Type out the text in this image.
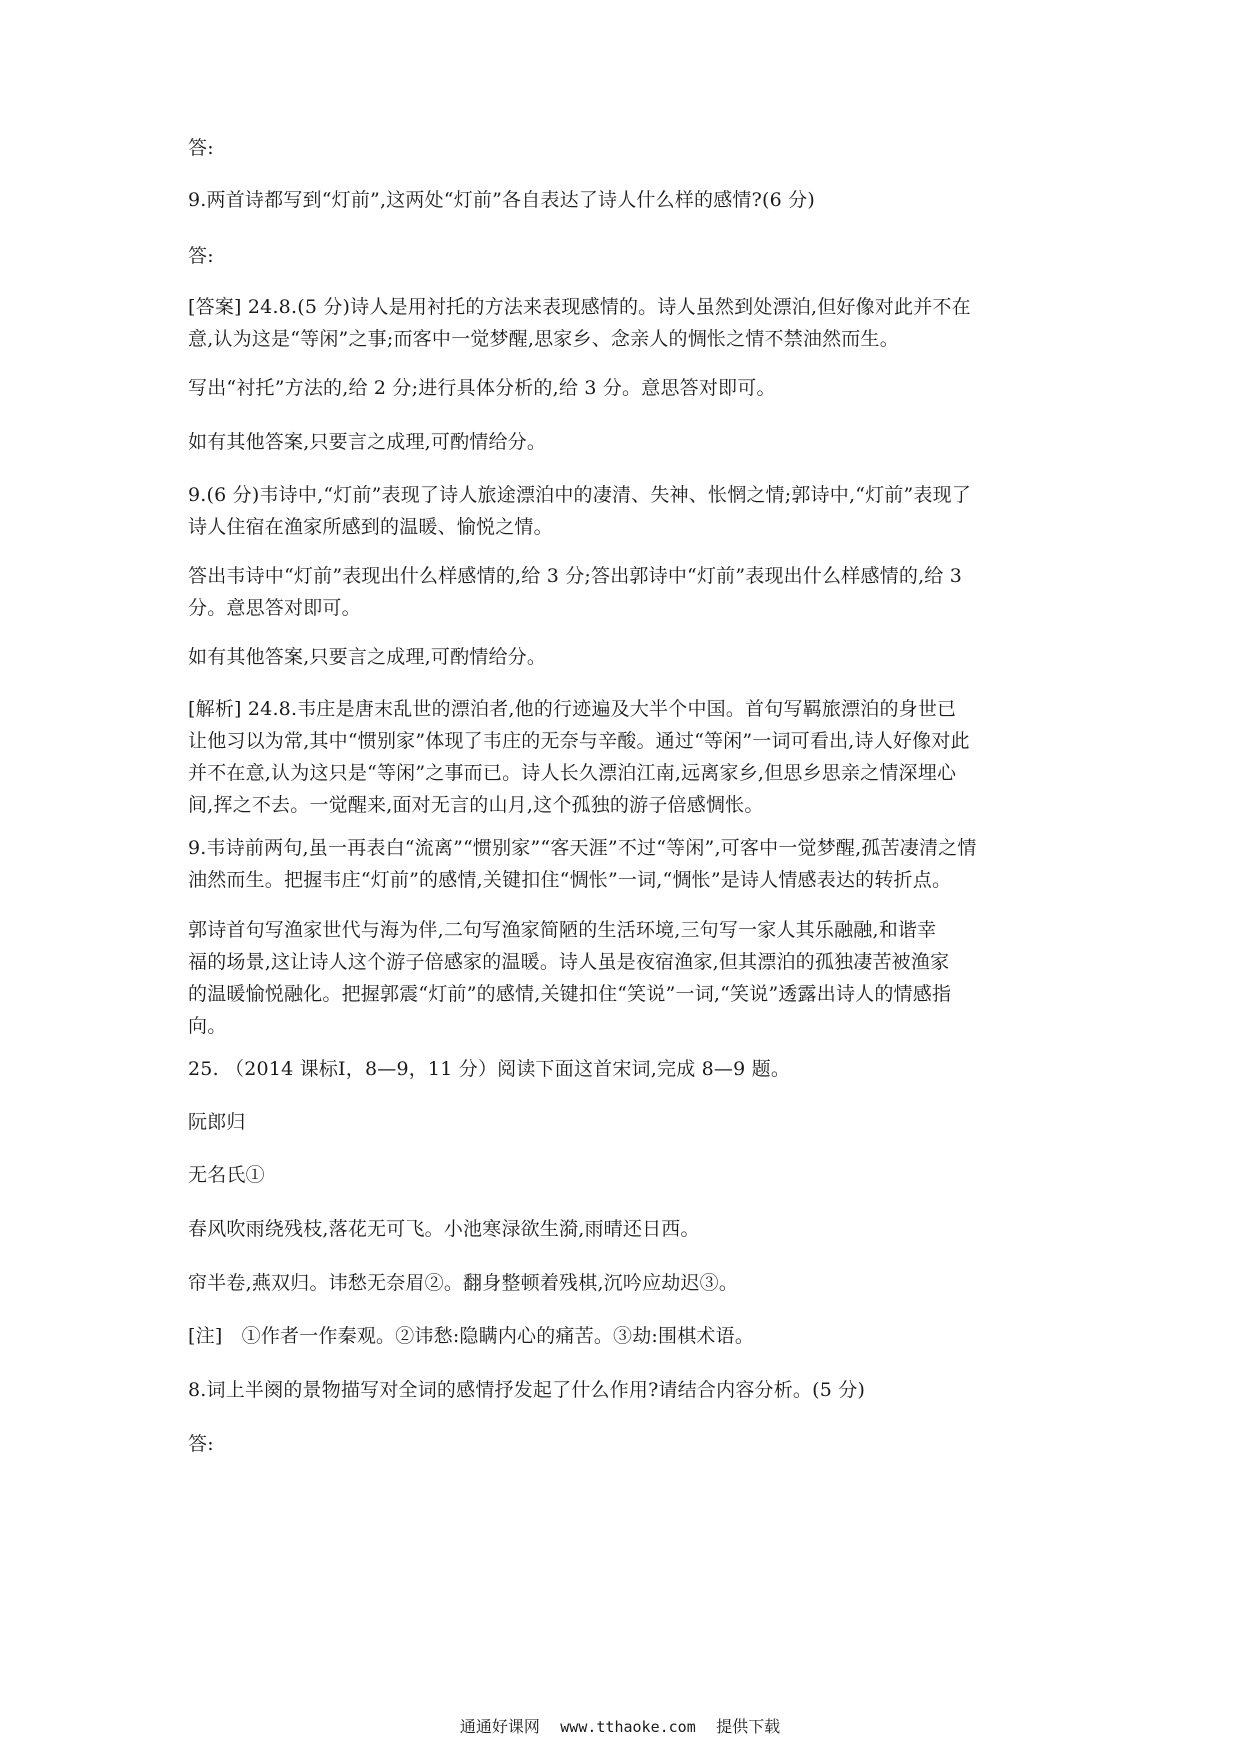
答:
9.两首诗都写到“灯前”,这两处“灯前”各自表达了诗人什么样的感情?(6 分)
答:
[答案] 24.8.(5 分)诗人是用衬托的方法来表现感情的。诗人虽然到处漂泊,但好像对此并不在
意,认为这是“等闲”之事;而客中一觉梦醒,思家乡、念亲人的惆怅之情不禁油然而生。
写出“衬托”方法的,给 2 分;进行具体分析的,给 3 分。意思答对即可。
如有其他答案,只要言之成理,可酌情给分。
9.(6 分)韦诗中,“灯前”表现了诗人旅途漂泊中的凄清、失神、怅惘之情;郭诗中,“灯前”表现了
诗人住宿在渔家所感到的温暖、愉悦之情。
答出韦诗中“灯前”表现出什么样感情的,给 3 分;答出郭诗中“灯前”表现出什么样感情的,给 3
分。意思答对即可。
如有其他答案,只要言之成理,可酌情给分。
[解析] 24.8.韦庄是唐末乱世的漂泊者,他的行迹遍及大半个中国。首句写羁旅漂泊的身世已
让他习以为常,其中“惯别家”体现了韦庄的无奈与辛酸。通过“等闲”一词可看出,诗人好像对此
并不在意,认为这只是“等闲”之事而已。诗人长久漂泊江南,远离家乡,但思乡思亲之情深埋心
间,挥之不去。一觉醒来,面对无言的山月,这个孤独的游子倍感惆怅。
9.韦诗前两句,虽一再表白“流离”“惯别家”“客天涯”不过“等闲”,可客中一觉梦醒,孤苦凄清之情
油然而生。把握韦庄“灯前”的感情,关键扣住“惆怅”一词,“惆怅”是诗人情感表达的转折点。
郭诗首句写渔家世代与海为伴,二句写渔家简陋的生活环境,三句写一家人其乐融融,和谐幸
福的场景,这让诗人这个游子倍感家的温暖。诗人虽是夜宿渔家,但其漂泊的孤独凄苦被渔家
的温暖愉悦融化。把握郭震“灯前”的感情,关键扣住“笑说”一词,“笑说”透露出诗人的情感指
向。
25. （2014 课标Ⅰ，8—9，11 分）阅读下面这首宋词,完成 8—9 题。
阮郎归
无名氏①
春风吹雨绕残枝,落花无可飞。小池寒渌欲生漪,雨晴还日西。
帘半卷,燕双归。讳愁无奈眉②。翻身整顿着残棋,沉吟应劫迟③。
[注]　①作者一作秦观。②讳愁:隐瞒内心的痛苦。③劫:围棋术语。
8.词上半阕的景物描写对全词的感情抒发起了什么作用?请结合内容分析。(5 分)
答:
通通好课网 www.tthaoke.com 提供下载
